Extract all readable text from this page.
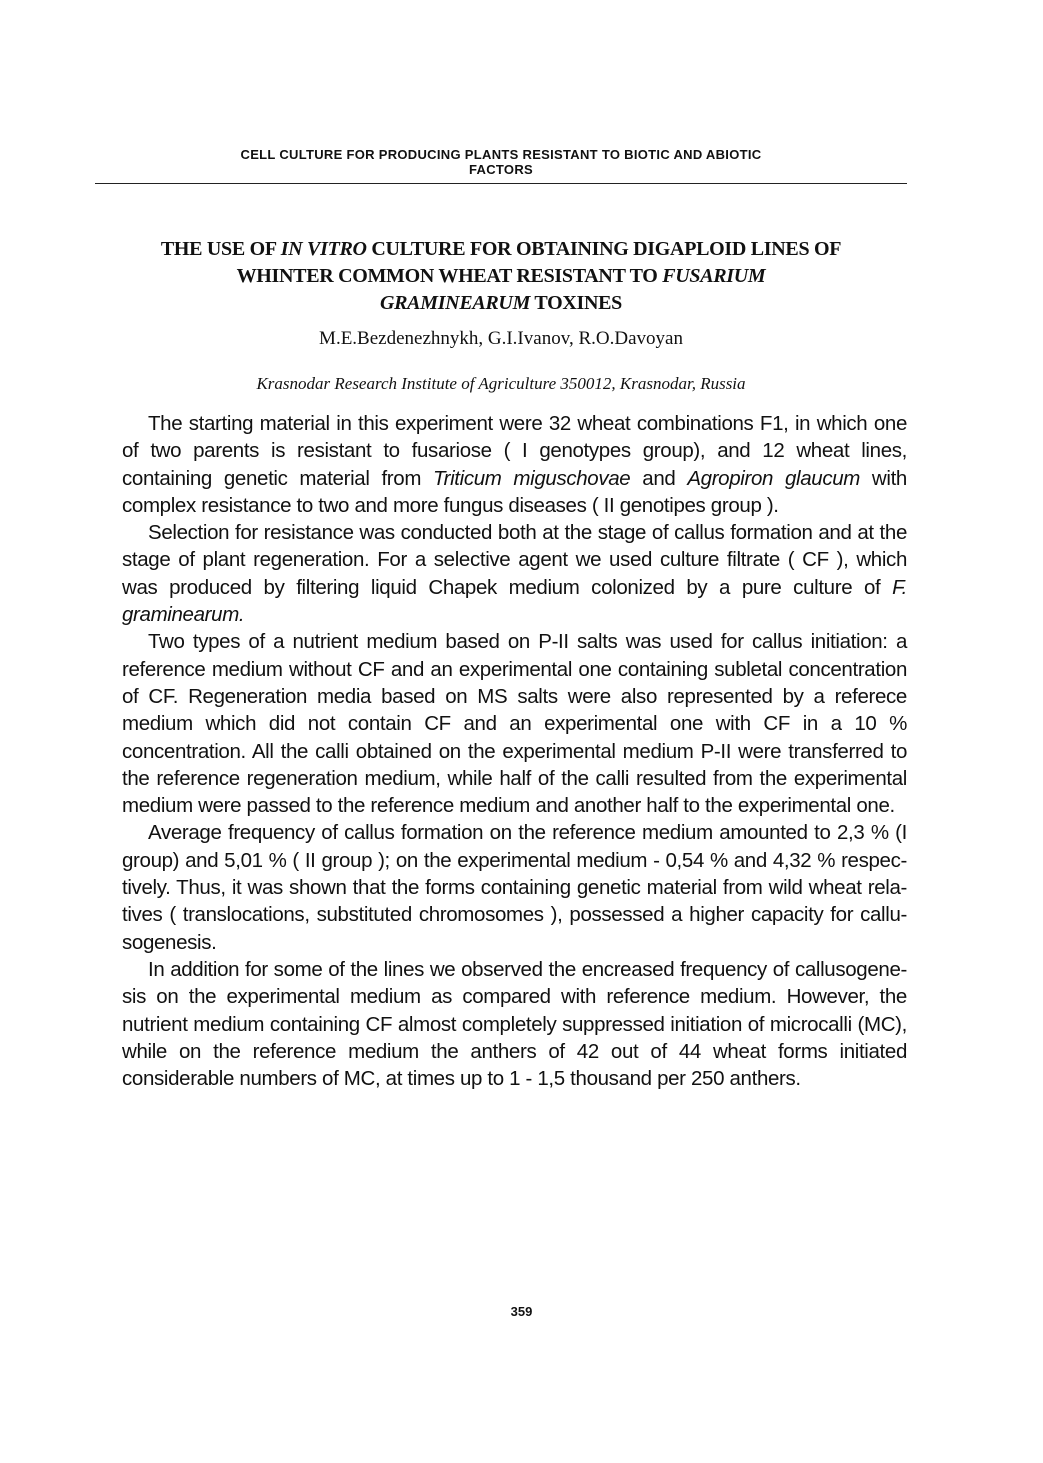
CELL CULTURE FOR PRODUCING PLANTS RESISTANT TO BIOTIC AND ABIOTIC
FACTORS
THE USE OF IN VITRO CULTURE FOR OBTAINING DIGAPLOID LINES OF
WHINTER COMMON WHEAT RESISTANT TO FUSARIUM
GRAMINEARUM TOXINES
M.E.Bezdenezhnykh, G.I.Ivanov, R.O.Davoyan
Krasnodar Research Institute of Agriculture 350012, Krasnodar, Russia

The starting material in this experiment were 32 wheat combinations F1, in which one of two parents is resistant to fusariose ( I genotypes group), and 12 wheat lines, containing genetic material from Triticum miguschovae and Agropiron glaucum with complex resistance to two and more fungus diseases ( II genotipes group ).

Selection for resistance was conducted both at the stage of callus formation and at the stage of plant regeneration. For a selective agent we used culture filtrate ( CF ), which was produced by filtering liquid Chapek medium colonized by a pure culture of F. graminearum.

Two types of a nutrient medium based on P-II salts was used for callus initiation: a reference medium without CF and an experimental one containing subletal concentration of CF. Regeneration media based on MS salts were also represented by a referece medium which did not contain CF and an experimental one with CF in a 10 % concentration. All the calli obtained on the experimental medium P-II were transferred to the reference regeneration medium, while half of the calli resulted from the experimental medium were passed to the reference medium and another half to the experimental one.

Average frequency of callus formation on the reference medium amounted to 2,3 % (I group) and 5,01 % ( II group ); on the experimental medium - 0,54 % and 4,32 % respec-tively. Thus, it was shown that the forms containing genetic material from wild wheat rela-tives ( translocations, substituted chromosomes ), possessed a higher capacity for callu-sogenesis.

In addition for some of the lines we observed the encreased frequency of callusogene-sis on the experimental medium as compared with reference medium. However, the nutrient medium containing CF almost completely suppressed initiation of microcalli (MC), while on the reference medium the anthers of 42 out of 44 wheat forms initiated considerable numbers of MC, at times up to 1 - 1,5 thousand per 250 anthers.

359
